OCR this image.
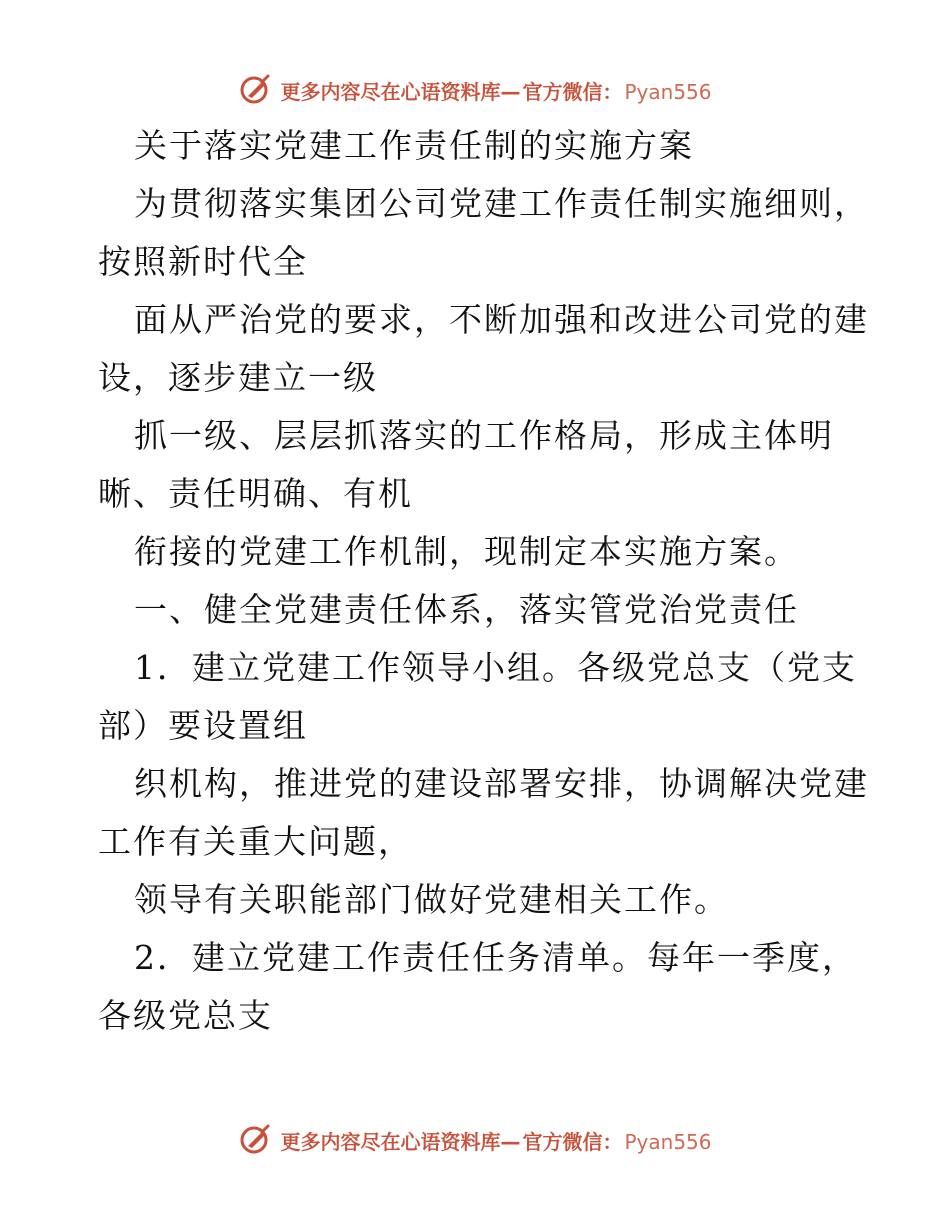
更多内容尽在心语资料库— 官方微信： Pyan556
关于落实党建工作责任制的实施方案
为贯彻落实集团公司党建工作责任制实施细则，
按照新时代全
面从严治党的要求，不断加强和改进公司党的建
设，逐步建立一级
抓一级、层层抓落实的工作格局，形成主体明
晰、责任明确、有机
衔接的党建工作机制，现制定本实施方案。
一、健全党建责任体系，落实管党治党责任
1．建立党建工作领导小组。各级党总支（党支
部）要设置组
织机构，推进党的建设部署安排，协调解决党建
工作有关重大问题，
领导有关职能部门做好党建相关工作。
2．建立党建工作责任任务清单。每年一季度，
各级党总支
更多内容尽在心语资料库— 官方微信： Pyan556
